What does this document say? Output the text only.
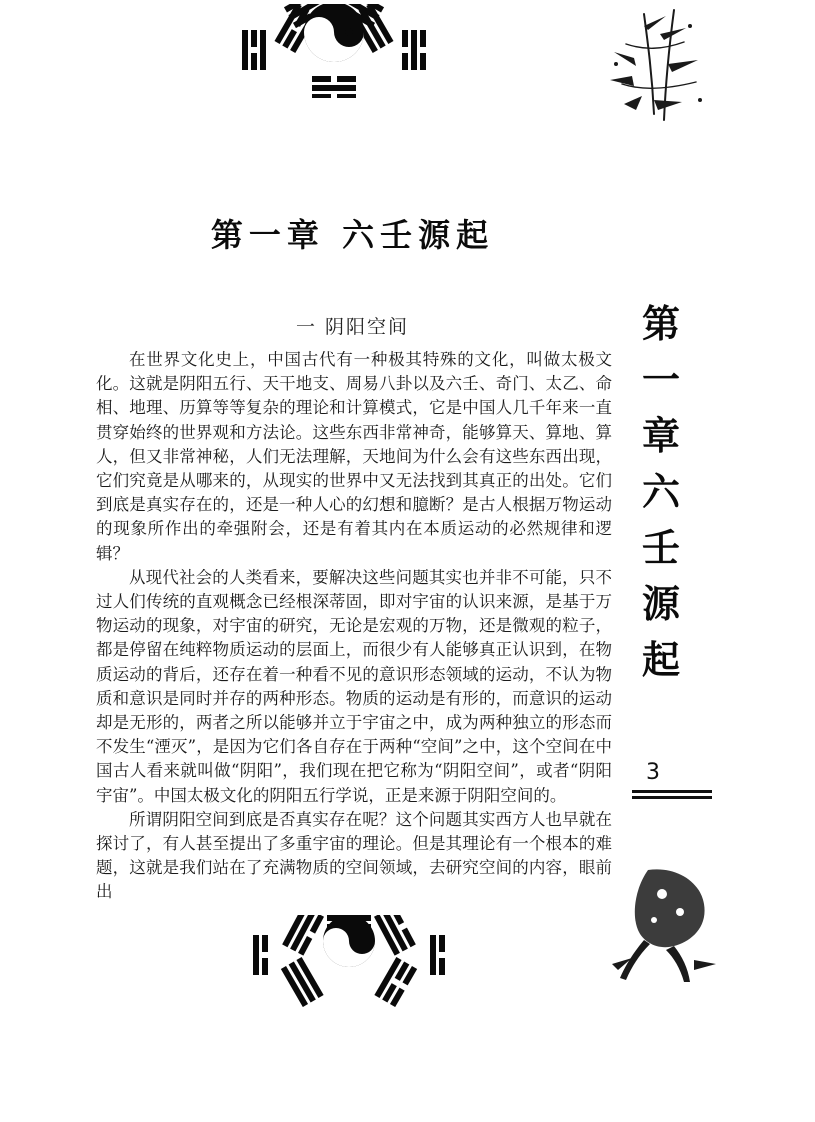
第一章 六壬源起
一 阴阳空间	第
一
章
六
壬
源
起
3

在世界文化史上，中国古代有一种极其特殊的文化，叫做太极文化。这就是阴阳五行、天干地支、周易八卦以及六壬、奇门、太乙、命相、地理、历算等等复杂的理论和计算模式，它是中国人几千年来一直贯穿始终的世界观和方法论。这些东西非常神奇，能够算天、算地、算人，但又非常神秘，人们无法理解，天地间为什么会有这些东西出现，它们究竟是从哪来的，从现实的世界中又无法找到其真正的出处。它们到底是真实存在的，还是一种人心的幻想和臆断？是古人根据万物运动的现象所作出的牵强附会，还是有着其内在本质运动的必然规律和逻辑？

从现代社会的人类看来，要解决这些问题其实也并非不可能，只不过人们传统的直观概念已经根深蒂固，即对宇宙的认识来源，是基于万物运动的现象，对宇宙的研究，无论是宏观的万物，还是微观的粒子，都是停留在纯粹物质运动的层面上，而很少有人能够真正认识到，在物质运动的背后，还存在着一种看不见的意识形态领域的运动，不认为物质和意识是同时并存的两种形态。物质的运动是有形的，而意识的运动却是无形的，两者之所以能够并立于宇宙之中，成为两种独立的形态而不发生“湮灭”，是因为它们各自存在于两种“空间”之中，这个空间在中国古人看来就叫做“阴阳”，我们现在把它称为“阴阳空间”，或者“阴阳宇宙”。中国太极文化的阴阳五行学说，正是来源于阴阳空间的。

所谓阴阳空间到底是否真实存在呢？这个问题其实西方人也早就在探讨了，有人甚至提出了多重宇宙的理论。但是其理论有一个根本的难题，这就是我们站在了充满物质的空间领域，去研究空间的内容，眼前出
